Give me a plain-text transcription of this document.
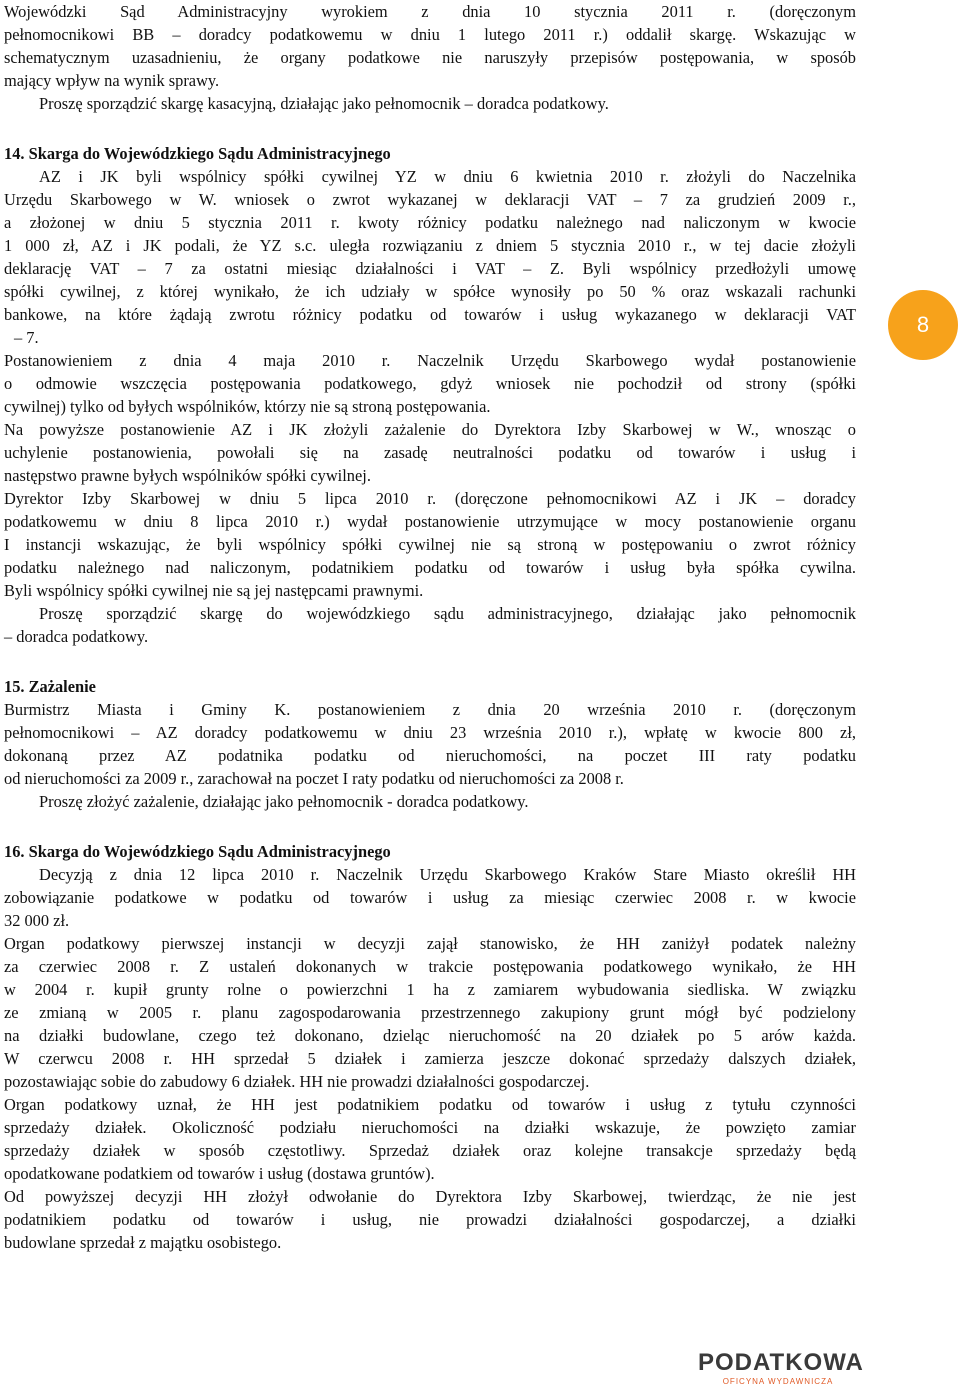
Wojewódzki Sąd Administracyjny wyrokiem z dnia 10 stycznia 2011 r. (doręczonym
pełnomocnikowi BB – doradcy podatkowemu w dniu 1 lutego 2011 r.) oddalił skargę. Wskazując w
schematycznym uzasadnieniu, że organy podatkowe nie naruszyły przepisów postępowania, w sposób
mający wpływ na wynik sprawy.
Proszę sporządzić skargę kasacyjną, działając jako pełnomocnik – doradca podatkowy.
14. Skarga do Wojewódzkiego Sądu Administracyjnego
AZ i JK byli wspólnicy spółki cywilnej YZ w dniu 6 kwietnia 2010 r. złożyli do Naczelnika
Urzędu Skarbowego w W. wniosek o zwrot wykazanej w deklaracji VAT – 7 za grudzień 2009 r.,
a złożonej w dniu 5 stycznia 2011 r. kwoty różnicy podatku należnego nad naliczonym w kwocie
1 000 zł, AZ i JK podali, że YZ s.c. uległa rozwiązaniu z dniem 5 stycznia 2010 r., w tej dacie złożyli
deklarację VAT – 7 za ostatni miesiąc działalności i VAT – Z. Byli wspólnicy przedłożyli umowę
spółki cywilnej, z której wynikało, że ich udziały w spółce wynosiły po 50 % oraz wskazali rachunki
bankowe, na które żądają zwrotu różnicy podatku od towarów i usług wykazanego w deklaracji VAT
– 7.
Postanowieniem z dnia 4 maja 2010 r. Naczelnik Urzędu Skarbowego wydał postanowienie
o odmowie wszczęcia postępowania podatkowego, gdyż wniosek nie pochodził od strony (spółki
cywilnej) tylko od byłych wspólników, którzy nie są stroną postępowania.
Na powyższe postanowienie AZ i JK złożyli zażalenie do Dyrektora Izby Skarbowej w W., wnosząc o
uchylenie postanowienia, powołali się na zasadę neutralności podatku od towarów i usług i
następstwo prawne byłych wspólników spółki cywilnej.
Dyrektor Izby Skarbowej w dniu 5 lipca 2010 r. (doręczone pełnomocnikowi AZ i JK – doradcy
podatkowemu w dniu 8 lipca 2010 r.) wydał postanowienie utrzymujące w mocy postanowienie organu
I instancji wskazując, że byli wspólnicy spółki cywilnej nie są stroną w postępowaniu o zwrot różnicy
podatku należnego nad naliczonym, podatnikiem podatku od towarów i usług była spółka cywilna.
Byli wspólnicy spółki cywilnej nie są jej następcami prawnymi.
Proszę sporządzić skargę do wojewódzkiego sądu administracyjnego, działając jako pełnomocnik
– doradca podatkowy.
15. Zażalenie
Burmistrz Miasta i Gminy K. postanowieniem z dnia 20 września 2010 r. (doręczonym
pełnomocnikowi – AZ doradcy podatkowemu w dniu 23 września 2010 r.), wpłatę w kwocie 800 zł,
dokonaną przez AZ podatnika podatku od nieruchomości, na poczet III raty podatku
od nieruchomości za 2009 r., zarachował na poczet I raty podatku od nieruchomości za 2008 r.
Proszę złożyć zażalenie, działając jako pełnomocnik - doradca podatkowy.
16. Skarga do Wojewódzkiego Sądu Administracyjnego
Decyzją z dnia 12 lipca 2010 r. Naczelnik Urzędu Skarbowego Kraków Stare Miasto określił HH
zobowiązanie podatkowe w podatku od towarów i usług za miesiąc czerwiec 2008 r. w kwocie
32 000 zł.
Organ podatkowy pierwszej instancji w decyzji zajął stanowisko, że HH zaniżył podatek należny
za czerwiec 2008 r. Z ustaleń dokonanych w trakcie postępowania podatkowego wynikało, że HH
w 2004 r. kupił grunty rolne o powierzchni 1 ha z zamiarem wybudowania siedliska. W związku
ze zmianą w 2005 r. planu zagospodarowania przestrzennego zakupiony grunt mógł być podzielony
na działki budowlane, czego też dokonano, dzieląc nieruchomość na 20 działek po 5 arów każda.
W czerwcu 2008 r. HH sprzedał 5 działek i zamierza jeszcze dokonać sprzedaży dalszych działek,
pozostawiając sobie do zabudowy 6 działek. HH nie prowadzi działalności gospodarczej.
Organ podatkowy uznał, że HH jest podatnikiem podatku od towarów i usług z tytułu czynności
sprzedaży działek. Okoliczność podziału nieruchomości na działki wskazuje, że powzięto zamiar
sprzedaży działek w sposób częstotliwy. Sprzedaż działek oraz kolejne transakcje sprzedaży będą
opodatkowane podatkiem od towarów i usług (dostawa gruntów).
Od powyższej decyzji HH złożył odwołanie do Dyrektora Izby Skarbowej, twierdząc, że nie jest
podatnikiem podatku od towarów i usług, nie prowadzi działalności gospodarczej, a działki
budowlane sprzedał z majątku osobistego.
8
PODATKOWA
OFICYNA WYDAWNICZA
